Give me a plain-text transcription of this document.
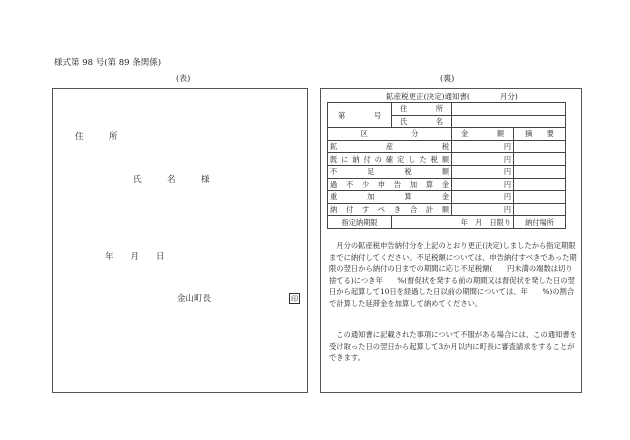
様式第 98 号(第 89 条関係)
(表)	(裏)
住　　　所
氏　　　名　　　様
年　　月　　日
金山町長	印
鉱産税更正(決定)通知書(　　　　月分)
第　　　　号	住　　　　所		
	氏　　　　名		
区　　　　　　分		金　　　　額	摘　　要
鉱　　産　　税		円	
既に納付の確定した税額		円	
不　足　税　額		円	
過不少申告加算金		円	
重　加　算　金		円	
納付すべき合計額		円	
指定納期限	年　月　日限り		納付場所

月分の鉱産税申告納付分を上記のとおり更正(決定)しましたから指定期限までに納付してください。不足税額については、申告納付すべきであった期限の翌日から納付の日までの期間に応じ不足税額(　　円未満の端数は切り捨てる)につき年　　%(督促状を発する前の期間又は督促状を発した日の翌日から起算して10日を経過した日以前の期間については、年　　%)の割合で計算した延滞金を加算して納めてください。

この通知書に記載された事項について不服がある場合には、この通知書を受け取った日の翌日から起算して3か月以内に町長に審査請求をすることができます。
